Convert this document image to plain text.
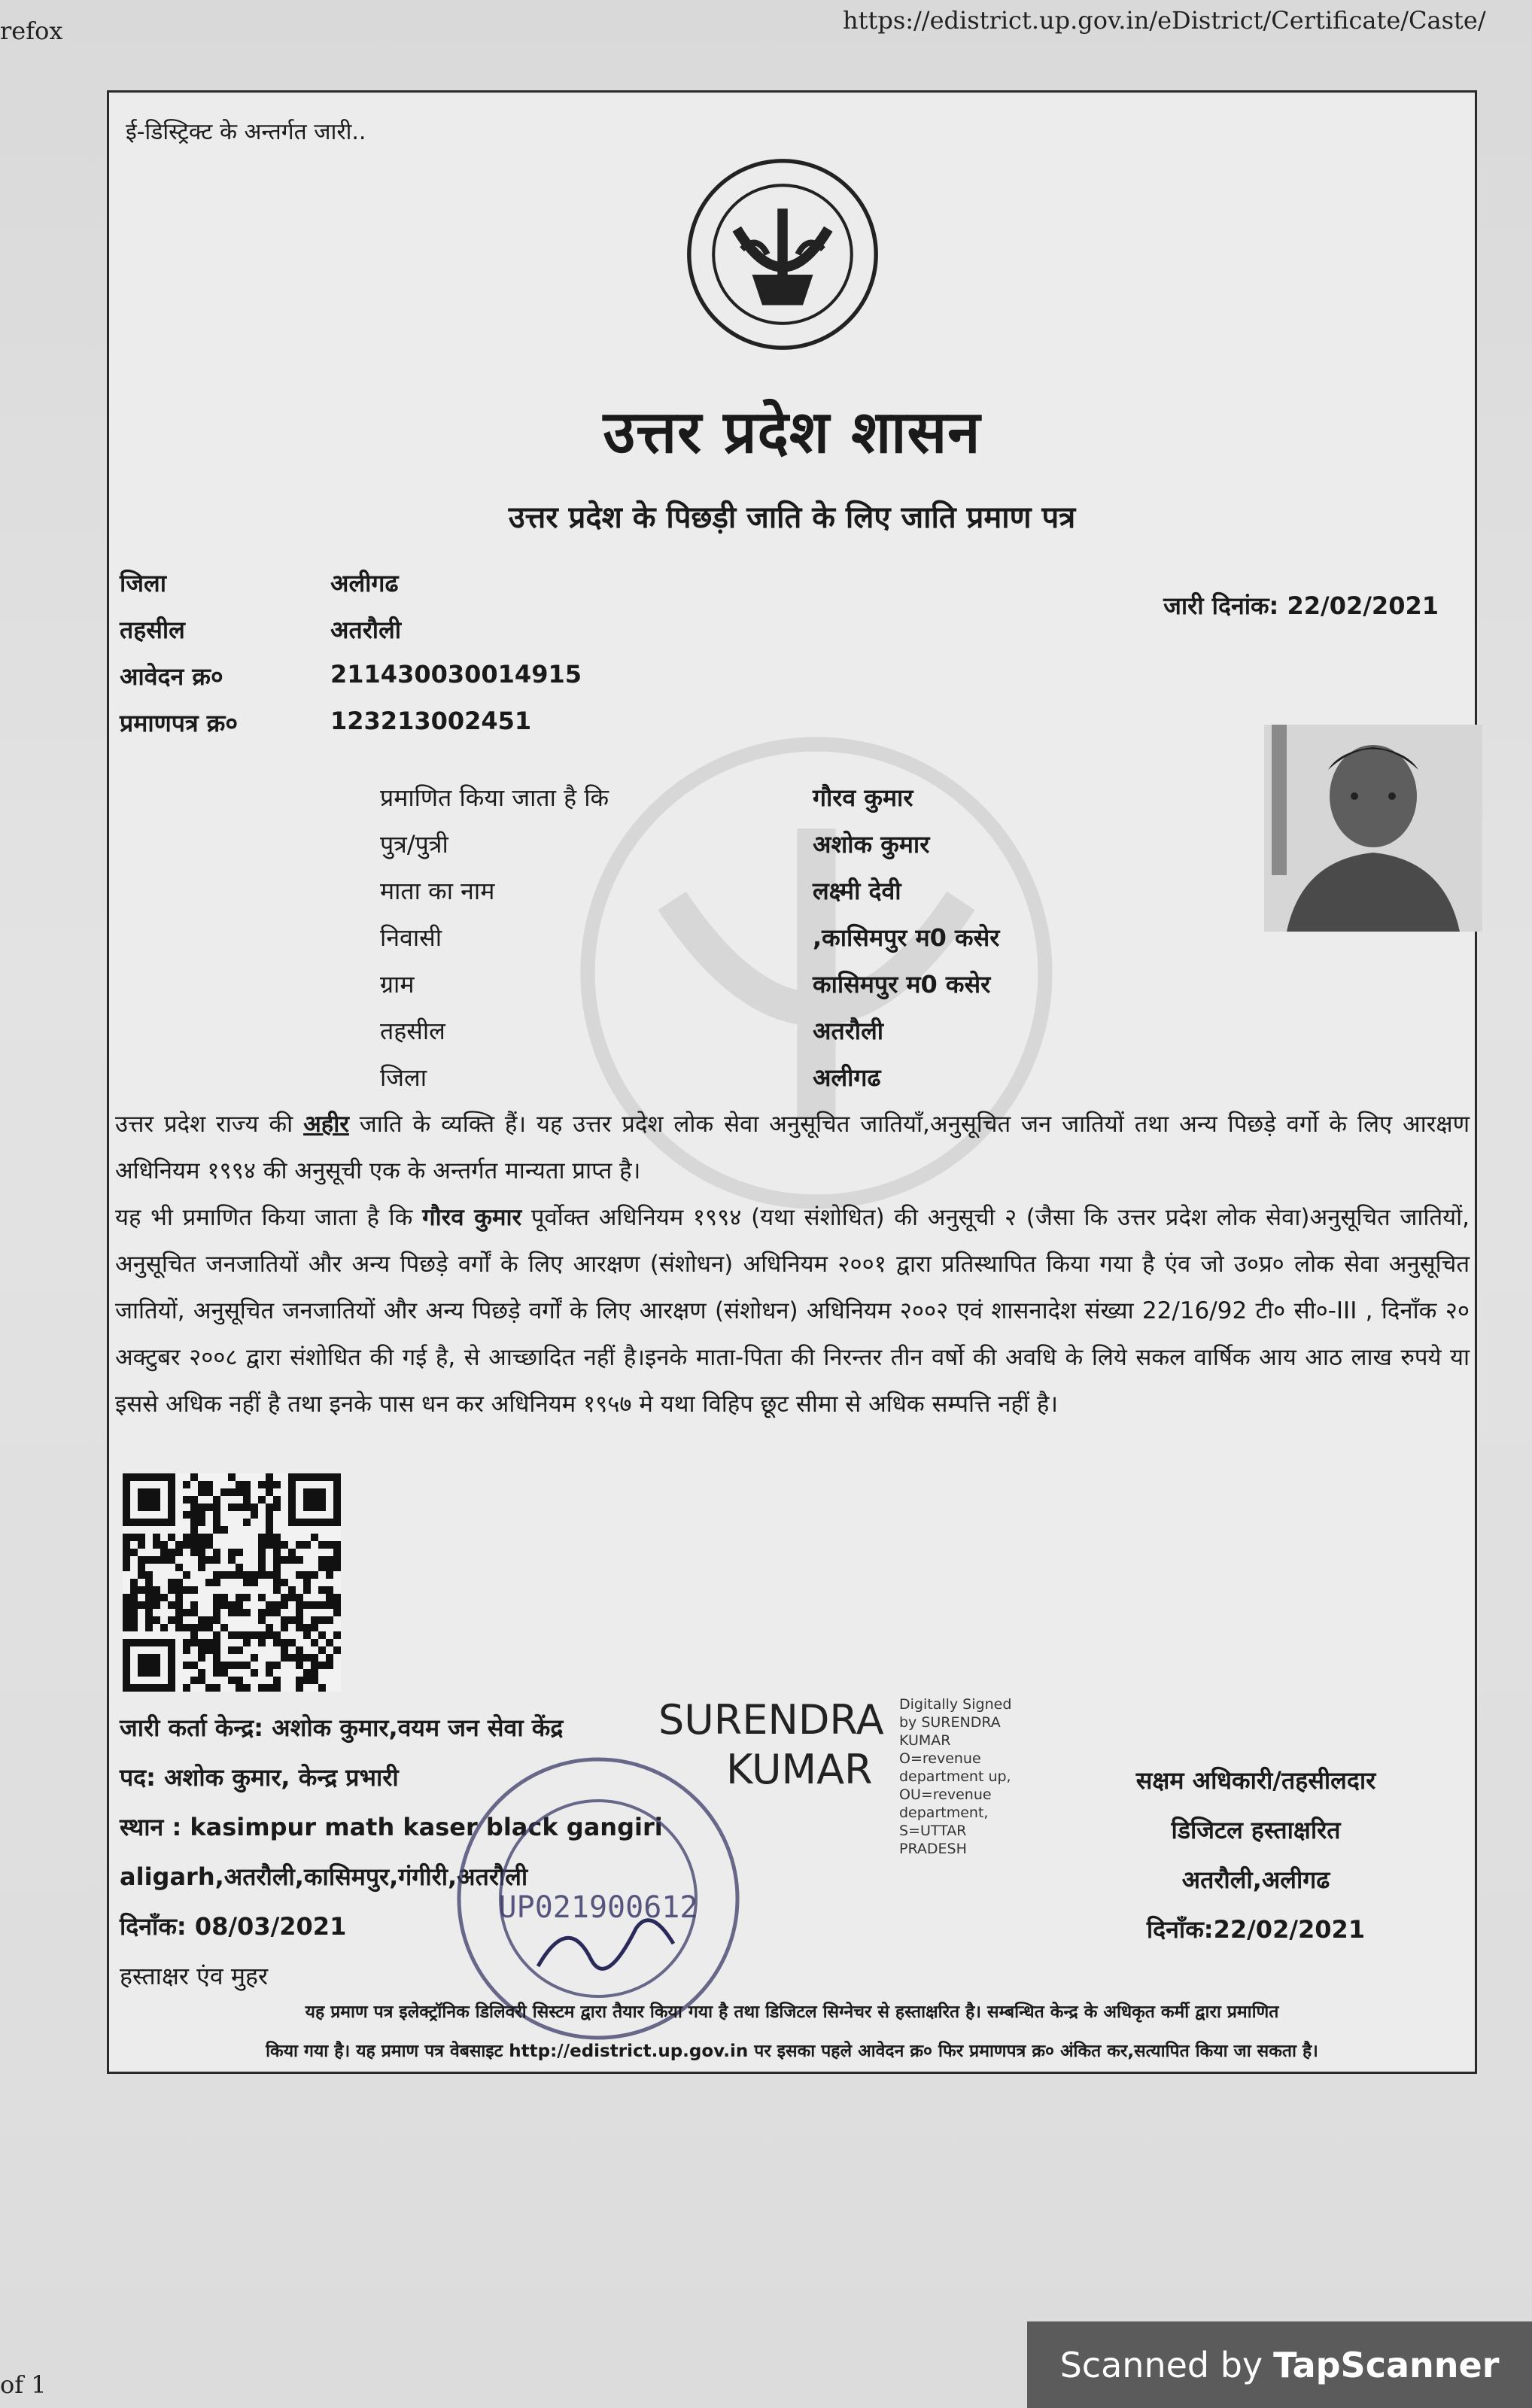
refox	https://edistrict.up.gov.in/eDistrict/Certificate/Caste/
ई-डिस्ट्रिक्ट के अन्तर्गत जारी..
उत्तर प्रदेश शासन
उत्तर प्रदेश के पिछड़ी जाति के लिए जाति प्रमाण पत्र
जिला	अलीगढ
तहसील	अतरौली
आवेदन क्र०	211430030014915
प्रमाणपत्र क्र०	123213002451
जारी दिनांक: 22/02/2021
प्रमाणित किया जाता है कि	गौरव कुमार
पुत्र/पुत्री	अशोक कुमार
माता का नाम	लक्ष्मी देवी
निवासी	,कासिमपुर म0 कसेर
ग्राम	कासिमपुर म0 कसेर
तहसील	अतरौली
जिला	अलीगढ
उत्तर प्रदेश राज्य की अहीर जाति के व्यक्ति हैं। यह उत्तर प्रदेश लोक सेवा अनुसूचित जातियाँ,अनुसूचित जन जातियों तथा अन्य पिछड़े वर्गो के लिए आरक्षण अधिनियम १९९४ की अनुसूची एक के अन्तर्गत मान्यता प्राप्त है।
यह भी प्रमाणित किया जाता है कि गौरव कुमार पूर्वोक्त अधिनियम १९९४ (यथा संशोधित) की अनुसूची २ (जैसा कि उत्तर प्रदेश लोक सेवा)अनुसूचित जातियों, अनुसूचित जनजातियों और अन्य पिछड़े वर्गों के लिए आरक्षण (संशोधन) अधिनियम २००१ द्वारा प्रतिस्थापित किया गया है एंव जो उ०प्र० लोक सेवा अनुसूचित जातियों, अनुसूचित जनजातियों और अन्य पिछड़े वर्गों के लिए आरक्षण (संशोधन) अधिनियम २००२ एवं शासनादेश संख्या 22/16/92 टी० सी०-III , दिनाँक २० अक्टुबर २००८ द्वारा संशोधित की गई है, से आच्छादित नहीं है।इनके माता-पिता की निरन्तर तीन वर्षो की अवधि के लिये सकल वार्षिक आय आठ लाख रुपये या इससे अधिक नहीं है तथा इनके पास धन कर अधिनियम १९५७ मे यथा विहिप छूट सीमा से अधिक सम्पत्ति नहीं है।
जारी कर्ता केन्द्र: अशोक कुमार,वयम जन सेवा केंद्र
पद: अशोक कुमार, केन्द्र प्रभारी
स्थान : kasimpur math kaser black gangiri
aligarh,अतरौली,कासिमपुर,गंगीरी,अतरौली
दिनाँक: 08/03/2021
हस्ताक्षर एंव मुहर
SURENDRA
KUMAR
Digitally Signed
by SURENDRA
KUMAR
O=revenue
department up,
OU=revenue
department,
S=UTTAR
PRADESH
सक्षम अधिकारी/तहसीलदार
डिजिटल हस्ताक्षरित
अतरौली,अलीगढ
दिनाँक:22/02/2021
UP021900612
यह प्रमाण पत्र इलेक्ट्रॉनिक डिलिवरी सिस्टम द्वारा तैयार किया गया है तथा डिजिटल सिग्नेचर से हस्ताक्षरित है। सम्बन्धित केन्द्र के अधिकृत कर्मी द्वारा प्रमाणित
किया गया है। यह प्रमाण पत्र वेबसाइट http://edistrict.up.gov.in पर इसका पहले आवेदन क्र० फिर प्रमाणपत्र क्र० अंकित कर,सत्यापित किया जा सकता है।
of 1	Scanned by TapScanner
